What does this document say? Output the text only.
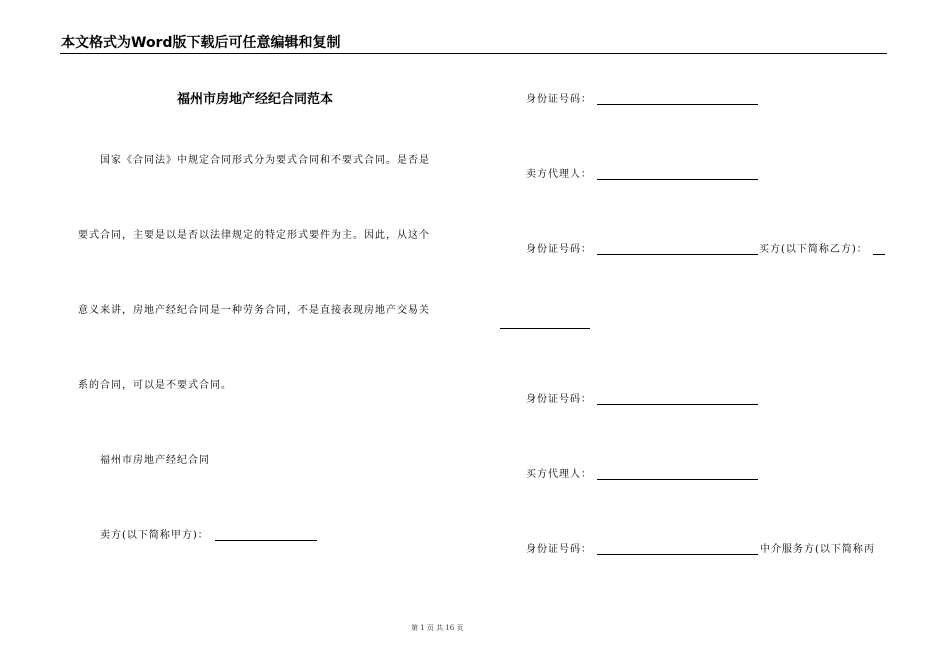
本文格式为Word版下载后可任意编辑和复制
福州市房地产经纪合同范本
国家《合同法》中规定合同形式分为要式合同和不要式合同。是否是
要式合同，主要是以是否以法律规定的特定形式要件为主。因此，从这个
意义来讲，房地产经纪合同是一种劳务合同，不是直接表现房地产交易关
系的合同，可以是不要式合同。
福州市房地产经纪合同
卖方(以下简称甲方)：
身份证号码：
卖方代理人：
身份证号码：	买方(以下简称乙方)：
身份证号码：
买方代理人：
身份证号码：	中介服务方(以下简称丙
第 1 页 共 16 页
